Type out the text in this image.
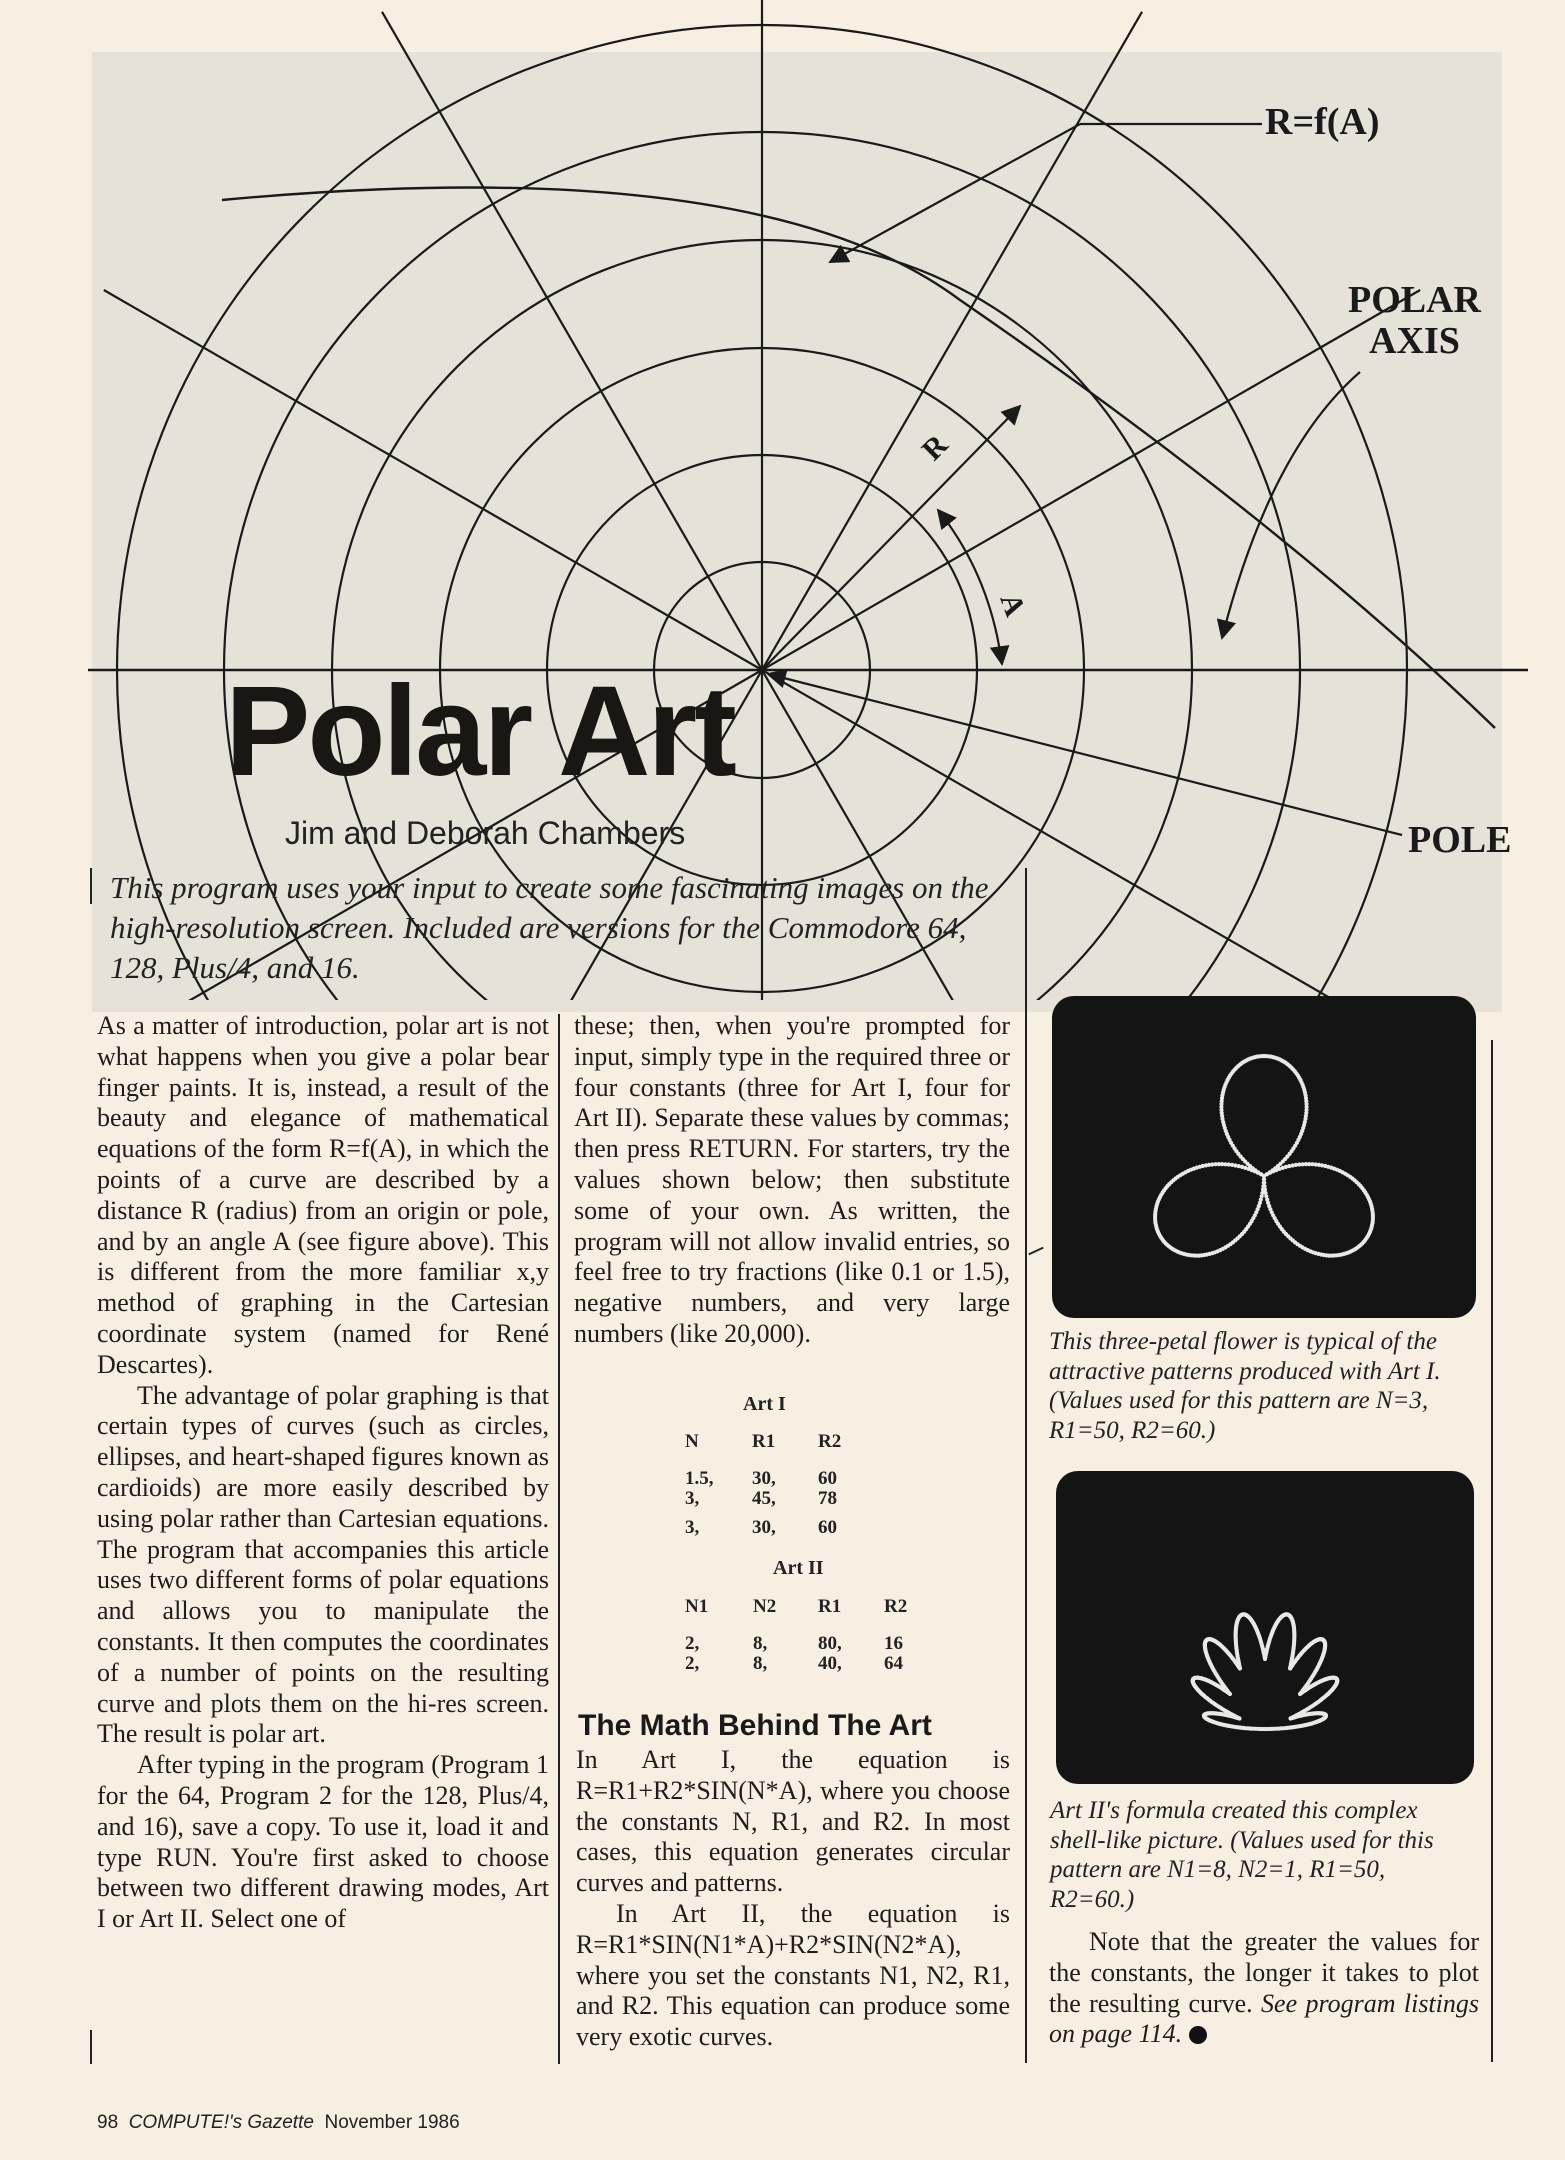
R
A
R=f(A)
POLAR
AXIS
POLE
Polar Art
Jim and Deborah Chambers
This program uses your input to create some fascinating images on the high-resolution screen. Included are versions for the Commodore 64, 128, Plus/4, and 16.

As a matter of introduction, polar art is not what happens when you give a polar bear finger paints. It is, instead, a result of the beauty and elegance of mathematical equations of the form R=f(A), in which the points of a curve are described by a distance R (radius) from an origin or pole, and by an angle A (see figure above). This is different from the more familiar x,y method of graphing in the Cartesian coordinate system (named for René Descartes).

The advantage of polar graphing is that certain types of curves (such as circles, ellipses, and heart-shaped figures known as cardioids) are more easily described by using polar rather than Cartesian equations. The program that accompanies this article uses two different forms of polar equations and allows you to manipulate the constants. It then computes the coordinates of a number of points on the resulting curve and plots them on the hi-res screen. The result is polar art.

After typing in the program (Program 1 for the 64, Program 2 for the 128, Plus/4, and 16), save a copy. To use it, load it and type RUN. You're first asked to choose between two different drawing modes, Art I or Art II. Select one of

these; then, when you're prompted for input, simply type in the required three or four constants (three for Art I, four for Art II). Separate these values by commas; then press RETURN. For starters, try the values shown below; then substitute some of your own. As written, the program will not allow invalid entries, so feel free to try fractions (like 0.1 or 1.5), negative numbers, and very large numbers (like 20,000).

Art I
N	R1 R2
1.5, 30, 60
3,	45, 78
3,	30, 60
Art II
N1 N2 R1 R2
2,	8,	80, 16
2,	8,	40, 64
The Math Behind The Art

In Art I, the equation is R=R1+R2*SIN(N*A), where you choose the constants N, R1, and R2. In most cases, this equation generates circular curves and patterns.

In Art II, the equation is R=R1*SIN(N1*A)+R2*SIN(N2*A), where you set the constants N1, N2, R1, and R2. This equation can produce some very exotic curves.

This three-petal flower is typical of the attractive patterns produced with Art I. (Values used for this pattern are N=3, R1=50, R2=60.)
Art II's formula created this complex shell-like picture. (Values used for this pattern are N1=8, N2=1, R1=50, R2=60.)

Note that the greater the values for the constants, the longer it takes to plot the resulting curve. See program listings on page 114.

98 COMPUTE!'s Gazette November 1986
